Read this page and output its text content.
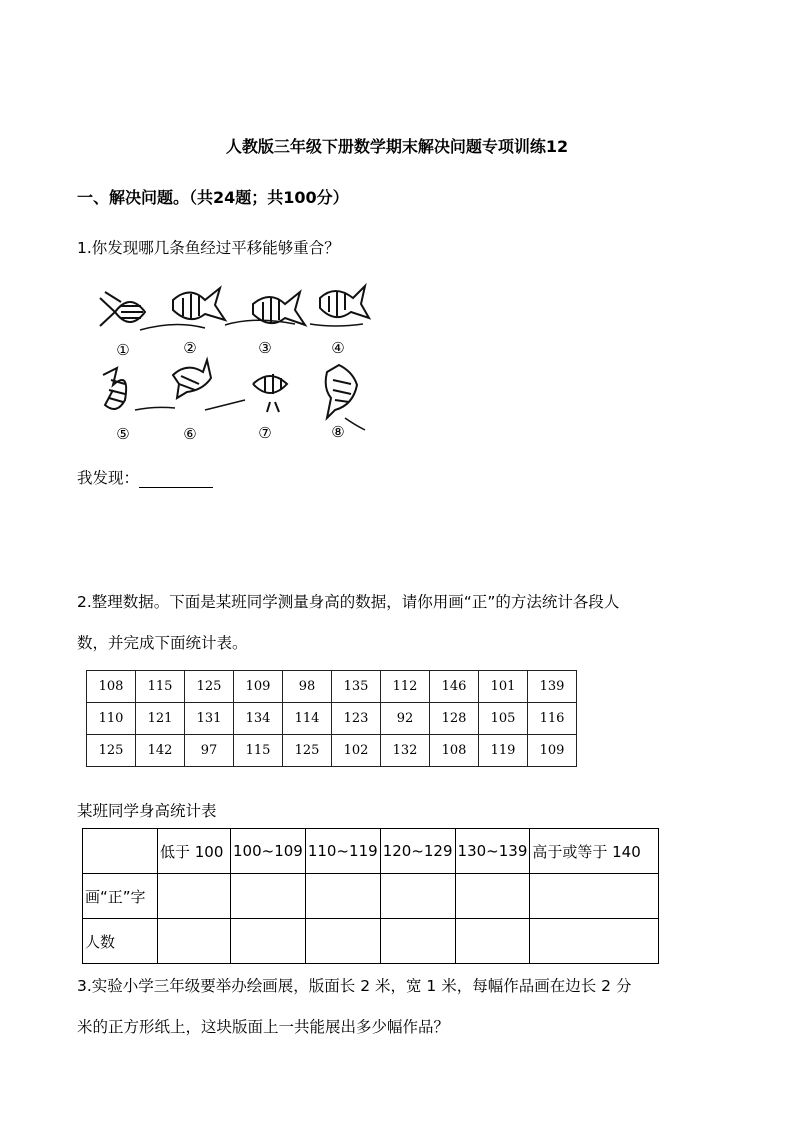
人教版三年级下册数学期末解决问题专项训练12
一、解决问题。（共24题；共100分）
1.你发现哪几条鱼经过平移能够重合？
①	②	③	④
⑤	⑥	⑦	⑧
我发现：
2.整理数据。下面是某班同学测量身高的数据，请你用画“正”的方法统计各段人
数，并完成下面统计表。
108	115	125	109	98	135	112	146	101	139
110	121	131	134	114	123	92	128	105	116
125	142	97	115	125	102	132	108	119	109
某班同学身高统计表
	低于 100	100~109	110~119	120~129	130~139	高于或等于 140
画“正”字						
人数						
3.实验小学三年级要举办绘画展，版面长 2 米，宽 1 米，每幅作品画在边长 2 分
米的正方形纸上，这块版面上一共能展出多少幅作品？
